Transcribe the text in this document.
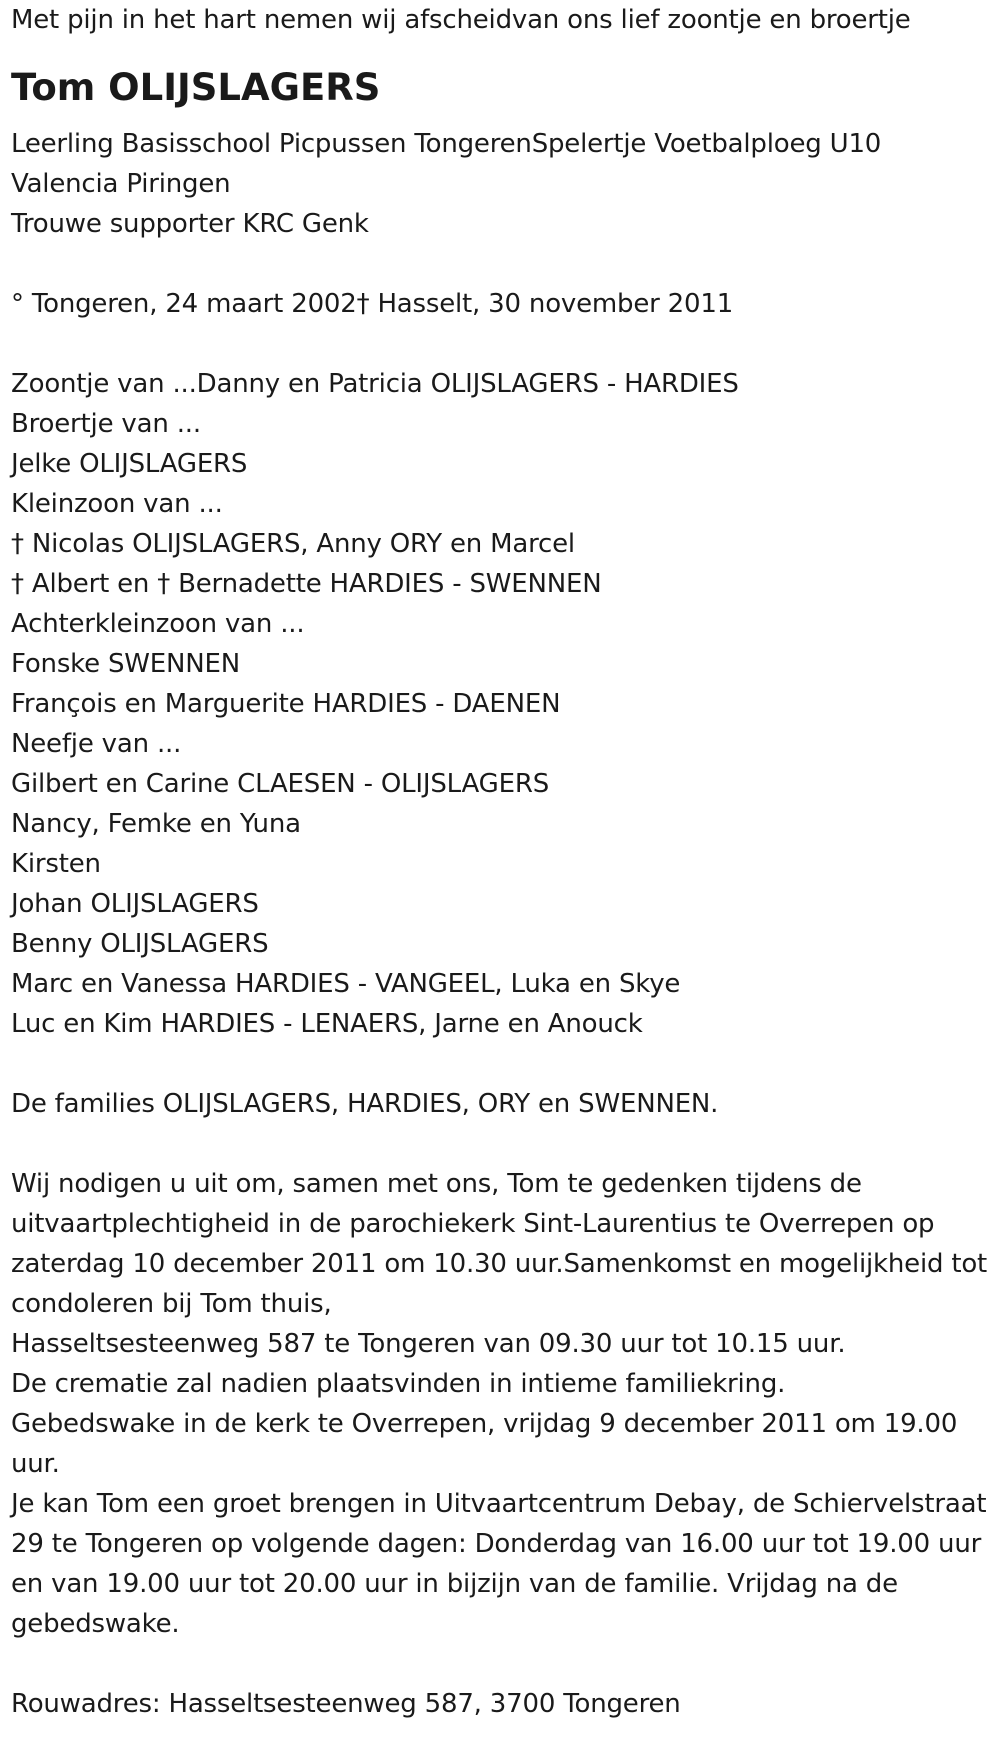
Met pijn in het hart nemen wij afscheidvan ons lief zoontje en broertje
Tom OLIJSLAGERS
Leerling Basisschool Picpussen TongerenSpelertje Voetbalploeg U10
Valencia Piringen
Trouwe supporter KRC Genk
° Tongeren, 24 maart 2002† Hasselt, 30 november 2011
Zoontje van ...Danny en Patricia OLIJSLAGERS - HARDIES
Broertje van ...
Jelke OLIJSLAGERS
Kleinzoon van ...
† Nicolas OLIJSLAGERS, Anny ORY en Marcel
† Albert en † Bernadette HARDIES - SWENNEN
Achterkleinzoon van ...
Fonske SWENNEN
François en Marguerite HARDIES - DAENEN
Neefje van ...
Gilbert en Carine CLAESEN - OLIJSLAGERS
Nancy, Femke en Yuna
Kirsten
Johan OLIJSLAGERS
Benny OLIJSLAGERS
Marc en Vanessa HARDIES - VANGEEL, Luka en Skye
Luc en Kim HARDIES - LENAERS, Jarne en Anouck
De families OLIJSLAGERS, HARDIES, ORY en SWENNEN.
Wij nodigen u uit om, samen met ons, Tom te gedenken tijdens de uitvaartplechtigheid in de parochiekerk Sint-Laurentius te Overrepen op zaterdag 10 december 2011 om 10.30 uur.Samenkomst en mogelijkheid tot condoleren bij Tom thuis,
Hasseltsesteenweg 587 te Tongeren van 09.30 uur tot 10.15 uur.
De crematie zal nadien plaatsvinden in intieme familiekring.
Gebedswake in de kerk te Overrepen, vrijdag 9 december 2011 om 19.00 uur.
Je kan Tom een groet brengen in Uitvaartcentrum Debay, de Schiervelstraat 29 te Tongeren op volgende dagen: Donderdag van 16.00 uur tot 19.00 uur en van 19.00 uur tot 20.00 uur in bijzijn van de familie. Vrijdag na de gebedswake.
Rouwadres: Hasseltsesteenweg 587, 3700 Tongeren
